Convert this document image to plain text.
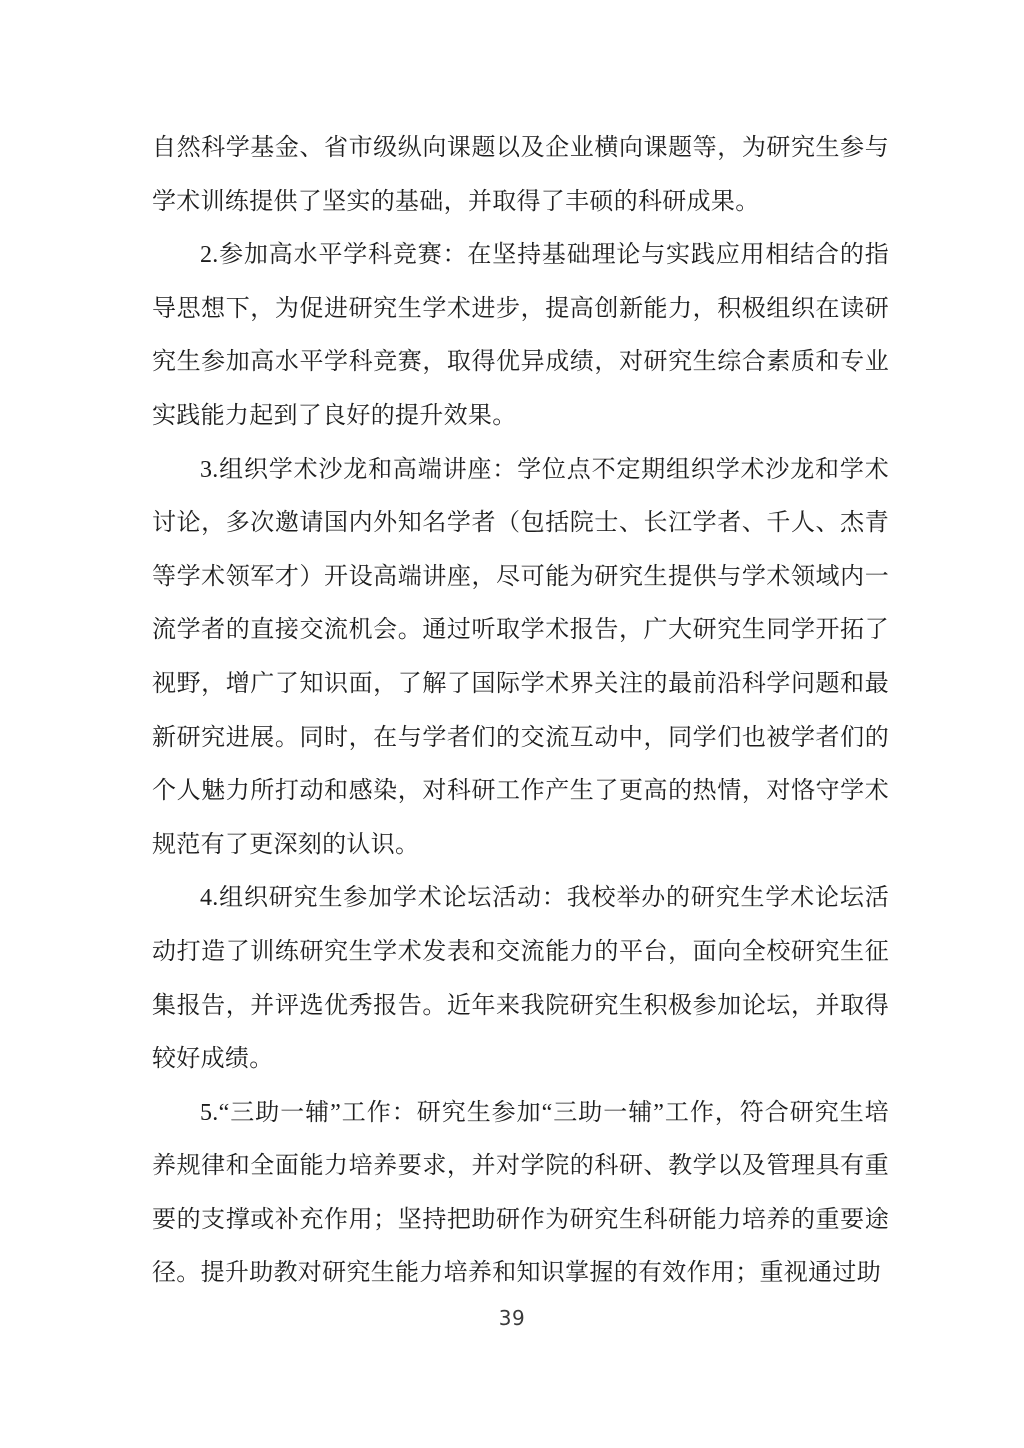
自然科学基金、省市级纵向课题以及企业横向课题等，为研究生参与学术训练提供了坚实的基础，并取得了丰硕的科研成果。

2.参加高水平学科竞赛：在坚持基础理论与实践应用相结合的指导思想下，为促进研究生学术进步，提高创新能力，积极组织在读研究生参加高水平学科竞赛，取得优异成绩，对研究生综合素质和专业实践能力起到了良好的提升效果。

3.组织学术沙龙和高端讲座：学位点不定期组织学术沙龙和学术讨论，多次邀请国内外知名学者（包括院士、长江学者、千人、杰青等学术领军才）开设高端讲座，尽可能为研究生提供与学术领域内一流学者的直接交流机会。通过听取学术报告，广大研究生同学开拓了视野，增广了知识面，了解了国际学术界关注的最前沿科学问题和最新研究进展。同时，在与学者们的交流互动中，同学们也被学者们的个人魅力所打动和感染，对科研工作产生了更高的热情，对恪守学术规范有了更深刻的认识。

4.组织研究生参加学术论坛活动：我校举办的研究生学术论坛活动打造了训练研究生学术发表和交流能力的平台，面向全校研究生征集报告，并评选优秀报告。近年来我院研究生积极参加论坛，并取得较好成绩。

5.“三助一辅”工作：研究生参加“三助一辅”工作，符合研究生培养规律和全面能力培养要求，并对学院的科研、教学以及管理具有重要的支撑或补充作用；坚持把助研作为研究生科研能力培养的重要途径。提升助教对研究生能力培养和知识掌握的有效作用；重视通过助

39
